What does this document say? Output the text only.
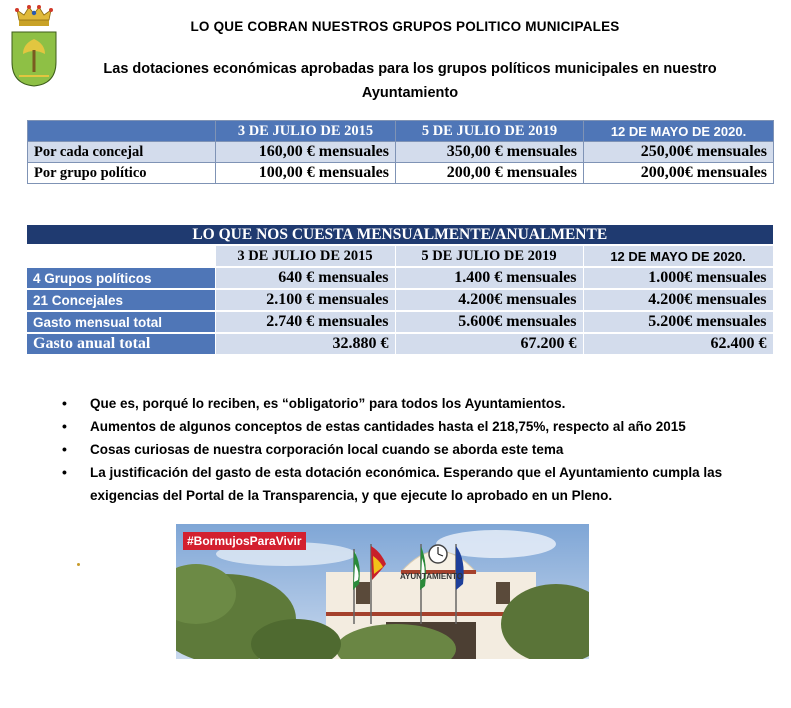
LO QUE COBRAN NUESTROS GRUPOS POLITICO MUNICIPALES
Las dotaciones económicas aprobadas para los grupos políticos municipales en nuestro
Ayuntamiento
	3 DE JULIO DE 2015	5 DE JULIO DE 2019	12 DE MAYO DE 2020.
Por cada concejal	160,00 € mensuales	350,00 € mensuales	250,00€ mensuales
Por grupo político	100,00 € mensuales	200,00 € mensuales	200,00€ mensuales
LO QUE NOS CUESTA MENSUALMENTE/ANUALMENTE			
	3 DE JULIO DE 2015	5 DE JULIO DE 2019	12 DE MAYO DE 2020.
4 Grupos políticos	640 € mensuales	1.400 € mensuales	1.000€ mensuales
21 Concejales	2.100 € mensuales	4.200€ mensuales	4.200€ mensuales
Gasto mensual total	2.740 € mensuales	5.600€ mensuales	5.200€ mensuales
Gasto anual total	32.880 €	67.200 €	62.400 €
• Que es, porqué lo reciben, es “obligatorio” para todos los Ayuntamientos.
• Aumentos de algunos conceptos de estas cantidades hasta el 218,75%, respecto al año 2015
• Cosas curiosas de nuestra corporación local cuando se aborda este tema
• La justificación del gasto de esta dotación económica. Esperando que el Ayuntamiento cumpla las exigencias del Portal de la Transparencia, y que ejecute lo aprobado en un Pleno.
AYUNTAMIENTO
#BormujosParaVivir
